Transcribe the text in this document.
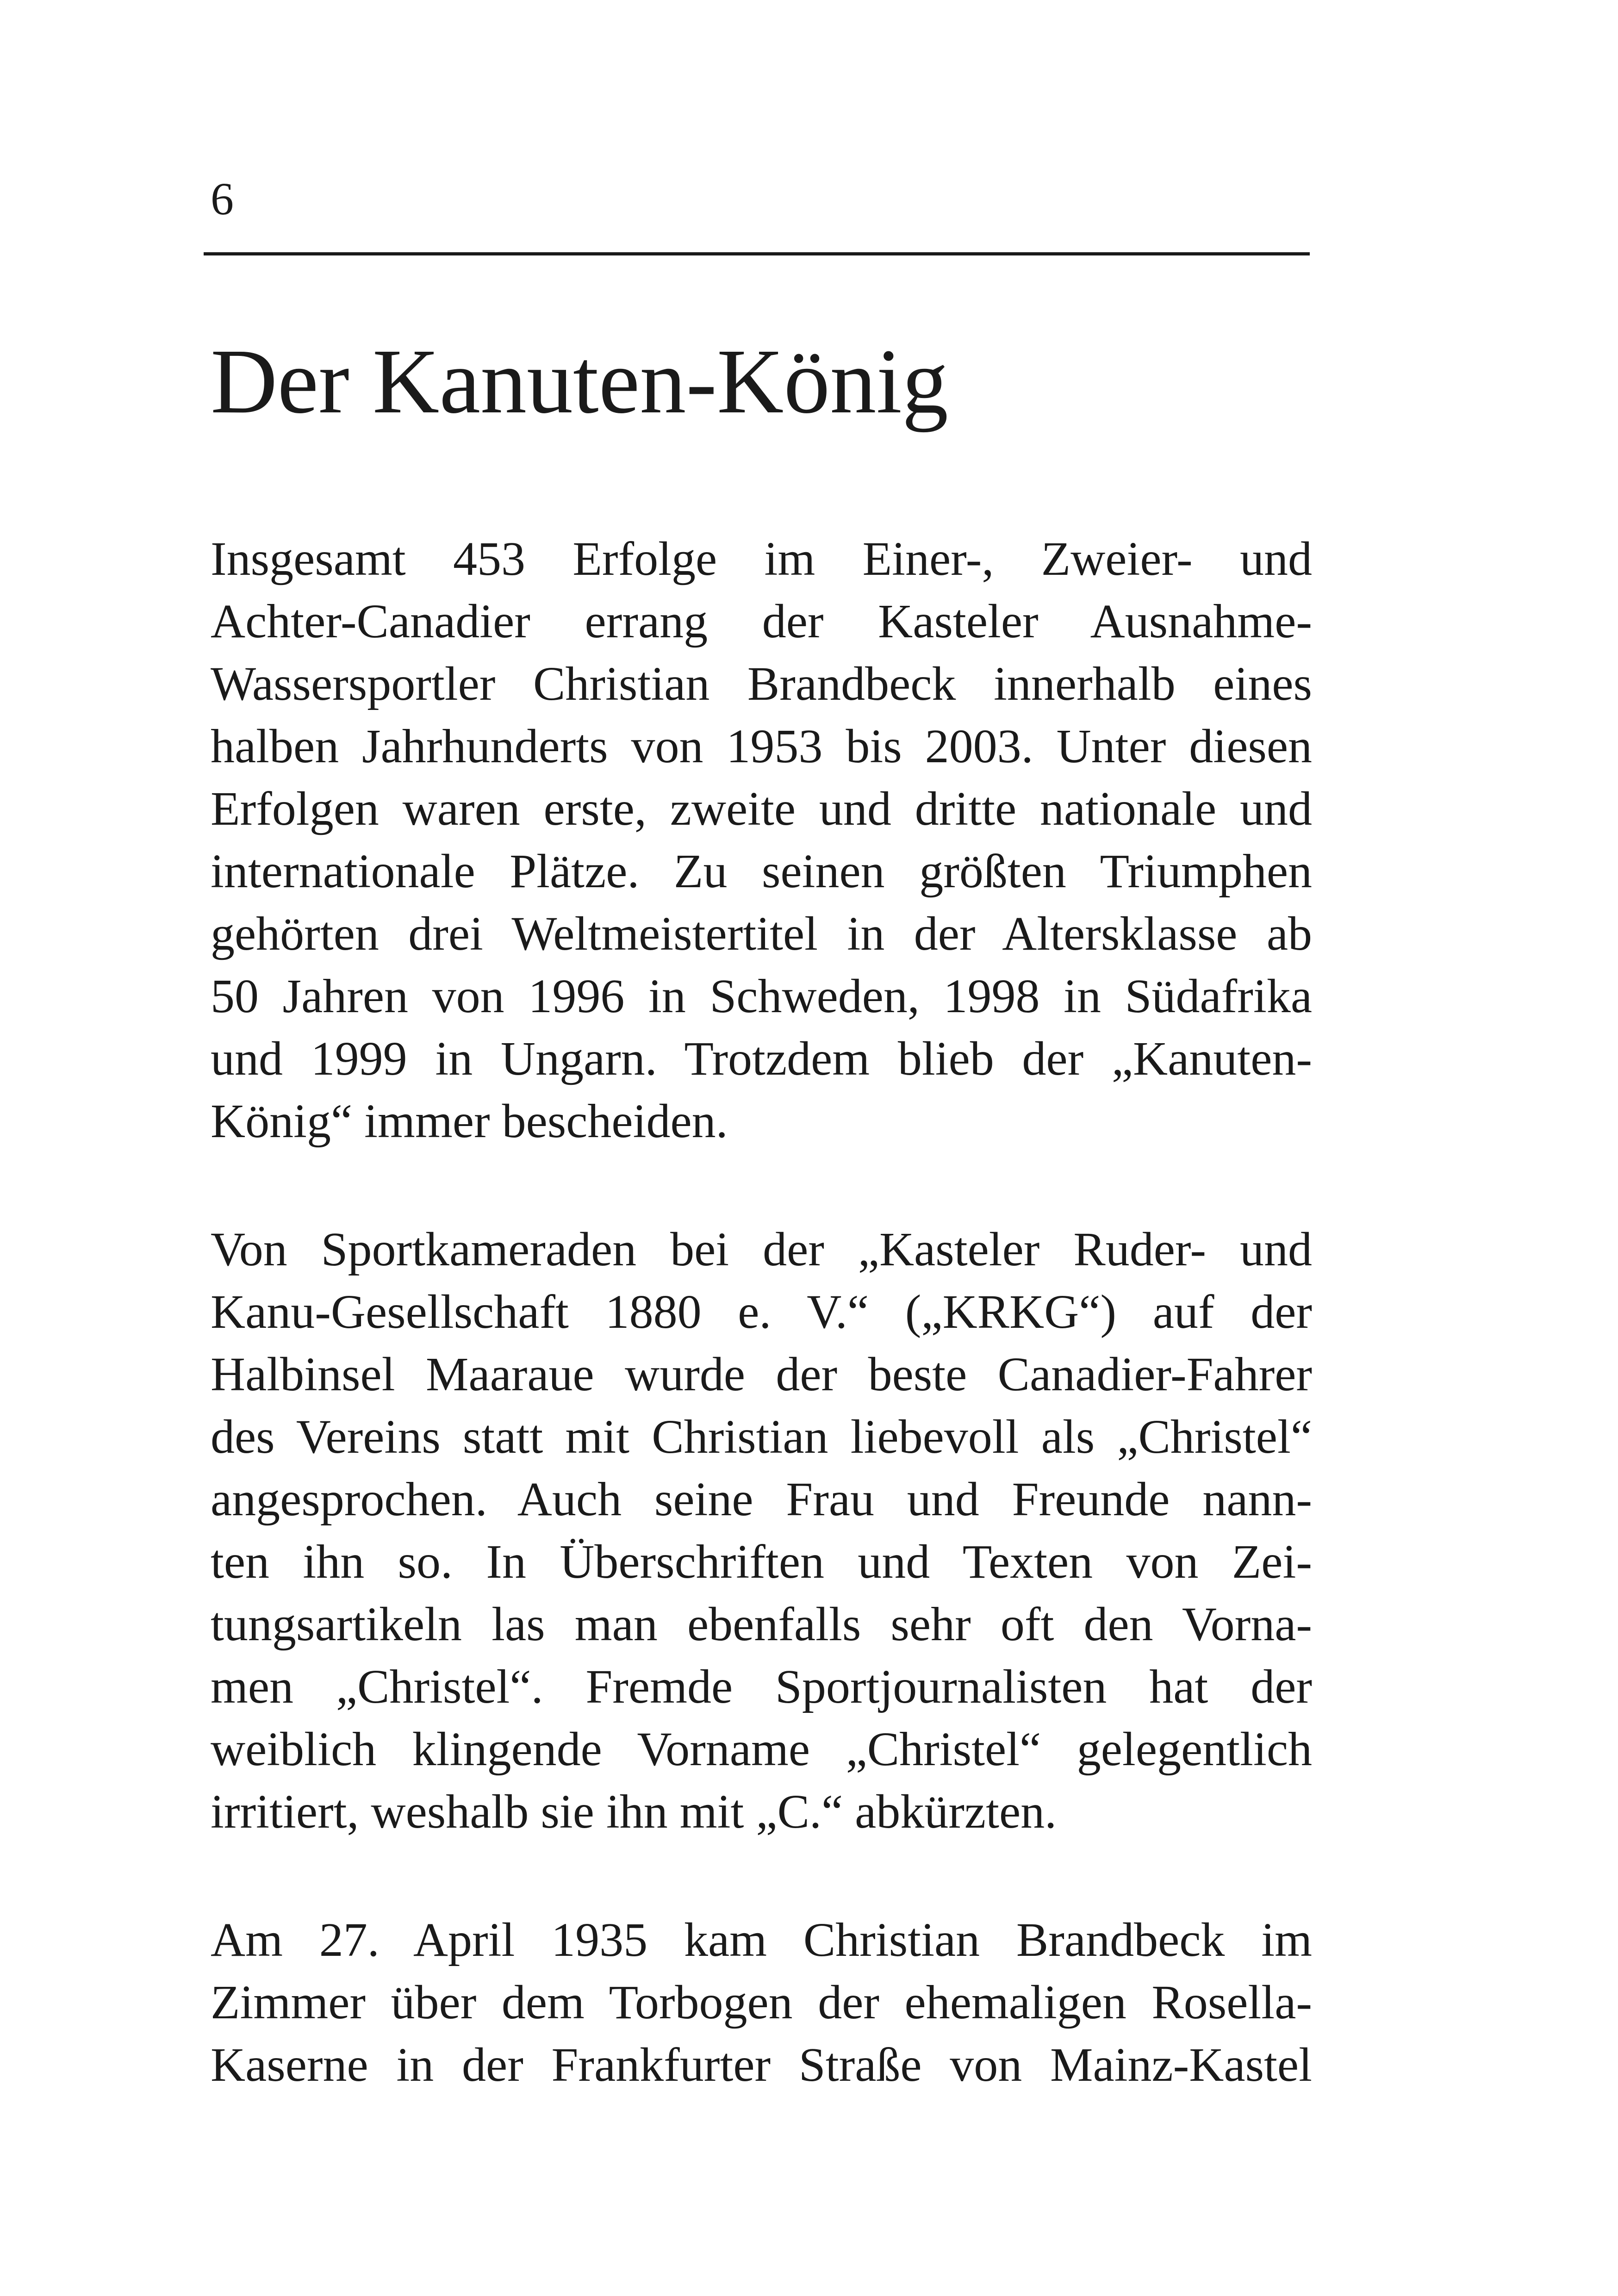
6
Der Kanuten-König

Insgesamt 453 Erfolge im Einer-, Zweier- und
Achter-Canadier errang der Kasteler Ausnahme-
Wassersportler Christian Brandbeck innerhalb eines
halben Jahrhunderts von 1953 bis 2003. Unter diesen
Erfolgen waren erste, zweite und dritte nationale und
internationale Plätze. Zu seinen größten Triumphen
gehörten drei Weltmeistertitel in der Altersklasse ab
50 Jahren von 1996 in Schweden, 1998 in Südafrika
und 1999 in Ungarn. Trotzdem blieb der „Kanuten-
König“ immer bescheiden.

Von Sportkameraden bei der „Kasteler Ruder- und
Kanu-Gesellschaft 1880 e. V.“ („KRKG“) auf der
Halbinsel Maaraue wurde der beste Canadier-Fahrer
des Vereins statt mit Christian liebevoll als „Christel“
angesprochen. Auch seine Frau und Freunde nann-
ten ihn so. In Überschriften und Texten von Zei-
tungsartikeln las man ebenfalls sehr oft den Vorna-
men „Christel“. Fremde Sportjournalisten hat der
weiblich klingende Vorname „Christel“ gelegentlich
irritiert, weshalb sie ihn mit „C.“ abkürzten.

Am 27. April 1935 kam Christian Brandbeck im
Zimmer über dem Torbogen der ehemaligen Rosella-
Kaserne in der Frankfurter Straße von Mainz-Kastel
